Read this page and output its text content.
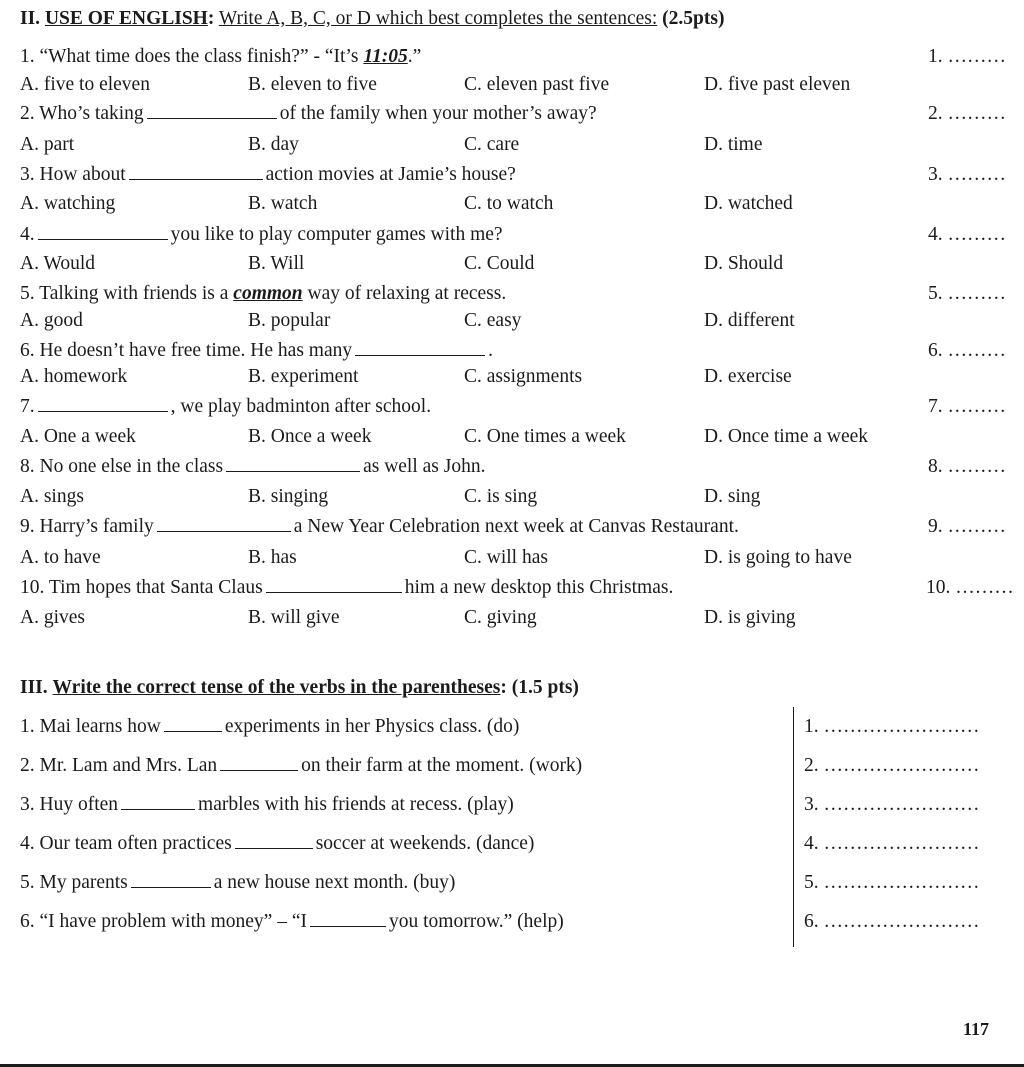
II. USE OF ENGLISH: Write A, B, C, or D which best completes the sentences: (2.5pts)
1. “What time does the class finish?” - “It’s 11:05.”	1. ………
A. five to eleven	B. eleven to five	C. eleven past five	D. five past eleven
2. Who’s taking	of the family when your mother’s away?	2. ………
A. part	B. day	C. care	D. time
3. How about	action movies at Jamie’s house?	3. ………
A. watching	B. watch	C. to watch	D. watched
4.	you like to play computer games with me?	4. ………
A. Would	B. Will	C. Could	D. Should
5. Talking with friends is a common way of relaxing at recess.	5. ………
A. good	B. popular	C. easy	D. different
6. He doesn’t have free time. He has many	.	6. ………
A. homework	B. experiment	C. assignments	D. exercise
7.	, we play badminton after school.	7. ………
A. One a week	B. Once a week	C. One times a week	D. Once time a week
8. No one else in the class	as well as John.	8. ………
A. sings	B. singing	C. is sing	D. sing
9. Harry’s family	a New Year Celebration next week at Canvas Restaurant.	9. ………
A. to have	B. has	C. will has	D. is going to have
10. Tim hopes that Santa Claus	him a new desktop this Christmas.	10. ………
A. gives	B. will give	C. giving	D. is giving
III. Write the correct tense of the verbs in the parentheses: (1.5 pts)
1. Mai learns how	experiments in her Physics class. (do)	1. ……………………
2. Mr. Lam and Mrs. Lan	on their farm at the moment. (work)	2. ……………………
3. Huy often	marbles with his friends at recess. (play)	3. ……………………
4. Our team often practices	soccer at weekends. (dance)	4. ……………………
5. My parents	a new house next month. (buy)	5. ……………………
6. “I have problem with money” – “I	you tomorrow.” (help)	6. ……………………
117
